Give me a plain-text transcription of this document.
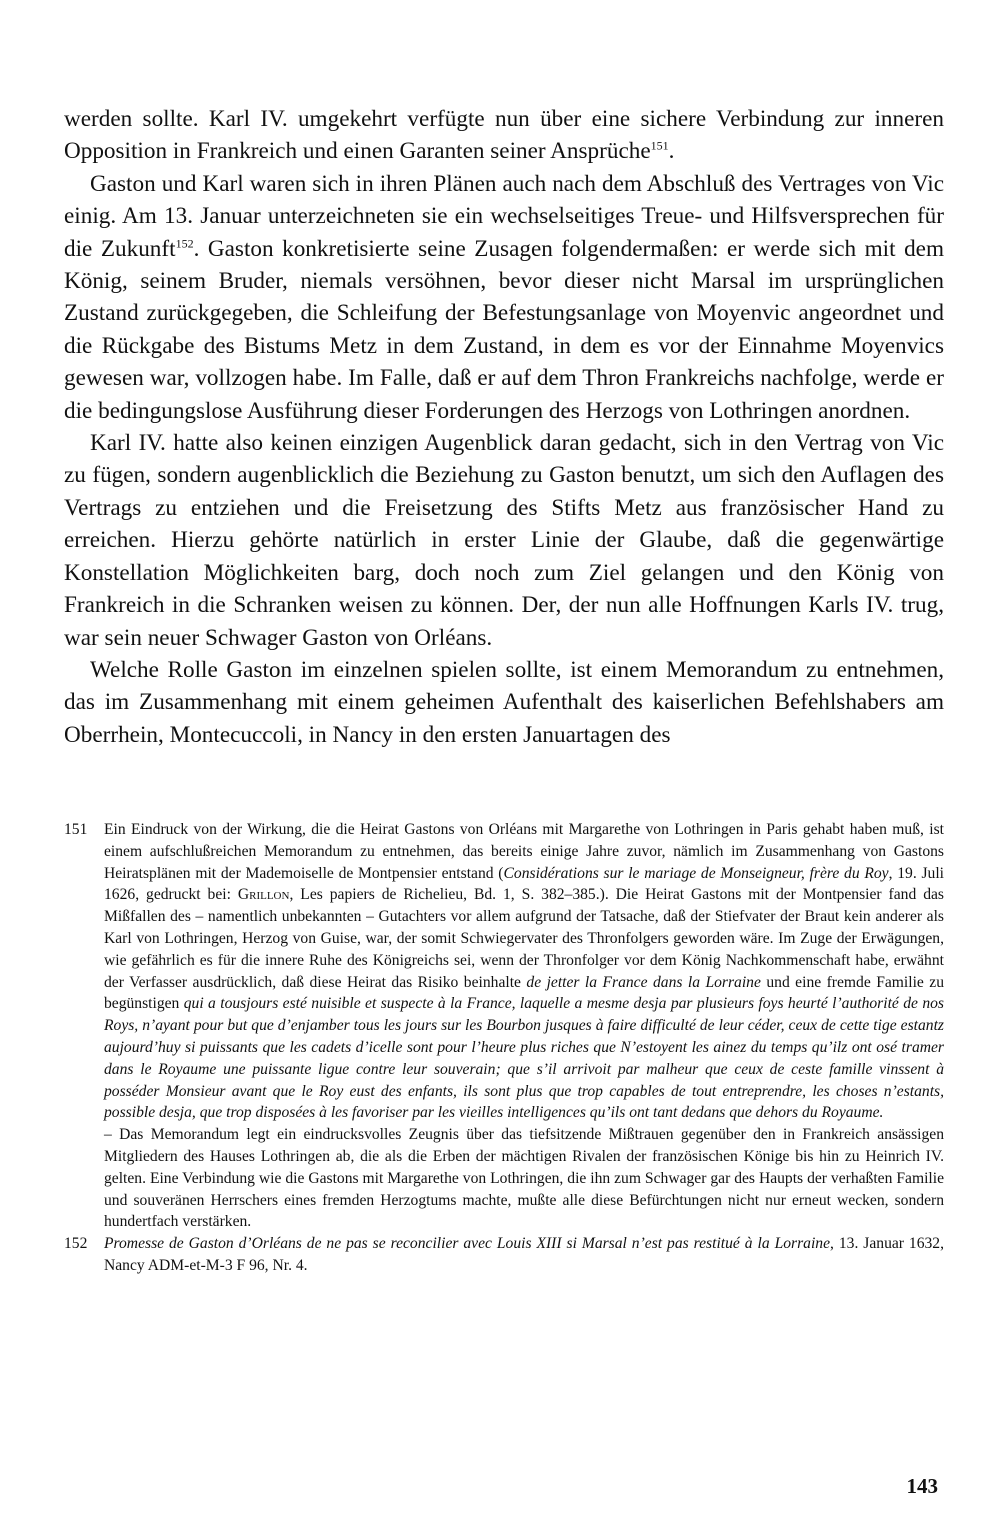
werden sollte. Karl IV. umgekehrt verfügte nun über eine sichere Verbindung zur inneren Opposition in Frankreich und einen Garanten seiner Ansprüche$^{151}$.

Gaston und Karl waren sich in ihren Plänen auch nach dem Abschluß des Vertrages von Vic einig. Am 13. Januar unterzeichneten sie ein wechselseitiges Treue- und Hilfsversprechen für die Zukunft$^{152}$. Gaston konkretisierte seine Zusagen folgendermaßen: er werde sich mit dem König, seinem Bruder, niemals versöhnen, bevor dieser nicht Marsal im ursprünglichen Zustand zurückgegeben, die Schleifung der Befestungsanlage von Moyenvic angeordnet und die Rückgabe des Bistums Metz in dem Zustand, in dem es vor der Einnahme Moyenvics gewesen war, vollzogen habe. Im Falle, daß er auf dem Thron Frankreichs nachfolge, werde er die bedingungslose Ausführung dieser Forderungen des Herzogs von Lothringen anordnen.

Karl IV. hatte also keinen einzigen Augenblick daran gedacht, sich in den Vertrag von Vic zu fügen, sondern augenblicklich die Beziehung zu Gaston benutzt, um sich den Auflagen des Vertrags zu entziehen und die Freisetzung des Stifts Metz aus französischer Hand zu erreichen. Hierzu gehörte natürlich in erster Linie der Glaube, daß die gegenwärtige Konstellation Möglichkeiten barg, doch noch zum Ziel gelangen und den König von Frankreich in die Schranken weisen zu können. Der, der nun alle Hoffnungen Karls IV. trug, war sein neuer Schwager Gaston von Orléans.

Welche Rolle Gaston im einzelnen spielen sollte, ist einem Memorandum zu entnehmen, das im Zusammenhang mit einem geheimen Aufenthalt des kaiserlichen Befehlshabers am Oberrhein, Montecuccoli, in Nancy in den ersten Januartagen des

151 Ein Eindruck von der Wirkung, die die Heirat Gastons von Orléans mit Margarethe von Lothringen in Paris gehabt haben muß, ist einem aufschlußreichen Memorandum zu entnehmen, das bereits einige Jahre zuvor, nämlich im Zusammenhang von Gastons Heiratsplänen mit der Mademoiselle de Montpensier entstand (Considérations sur le mariage de Monseigneur, frère du Roy, 19. Juli 1626, gedruckt bei: Grillon, Les papiers de Richelieu, Bd. 1, S. 382–385.). Die Heirat Gastons mit der Montpensier fand das Mißfallen des – namentlich unbekannten – Gutachters vor allem aufgrund der Tatsache, daß der Stiefvater der Braut kein anderer als Karl von Lothringen, Herzog von Guise, war, der somit Schwiegervater des Thronfolgers geworden wäre. Im Zuge der Erwägungen, wie gefährlich es für die innere Ruhe des Königreichs sei, wenn der Thronfolger vor dem König Nachkommenschaft habe, erwähnt der Verfasser ausdrücklich, daß diese Heirat das Risiko beinhalte de jetter la France dans la Lorraine und eine fremde Familie zu begünstigen qui a tousjours esté nuisible et suspecte à la France, laquelle a mesme desja par plusieurs foys heurté l’authorité de nos Roys, n’ayant pour but que d’enjamber tous les jours sur les Bourbon jusques à faire difficulté de leur céder, ceux de cette tige estantz aujourd’huy si puissants que les cadets d’icelle sont pour l’heure plus riches que N’estoyent les ainez du temps qu’ilz ont osé tramer dans le Royaume une puissante ligue contre leur souverain; que s’il arrivoit par malheur que ceux de ceste famille vinssent à posséder Monsieur avant que le Roy eust des enfants, ils sont plus que trop capables de tout entreprendre, les choses n’estants, possible desja, que trop disposées à les favoriser par les vieilles intelligences qu’ils ont tant dedans que dehors du Royaume.

– Das Memorandum legt ein eindrucksvolles Zeugnis über das tiefsitzende Mißtrauen gegenüber den in Frankreich ansässigen Mitgliedern des Hauses Lothringen ab, die als die Erben der mächtigen Rivalen der französischen Könige bis hin zu Heinrich IV. gelten. Eine Verbindung wie die Gastons mit Margarethe von Lothringen, die ihn zum Schwager gar des Haupts der verhaßten Familie und souveränen Herrschers eines fremden Herzogtums machte, mußte alle diese Befürchtungen nicht nur erneut wecken, sondern hundertfach verstärken.

152 Promesse de Gaston d’Orléans de ne pas se reconcilier avec Louis XIII si Marsal n’est pas restitué à la Lorraine, 13. Januar 1632, Nancy ADM-et-M-3 F 96, Nr. 4.

143
